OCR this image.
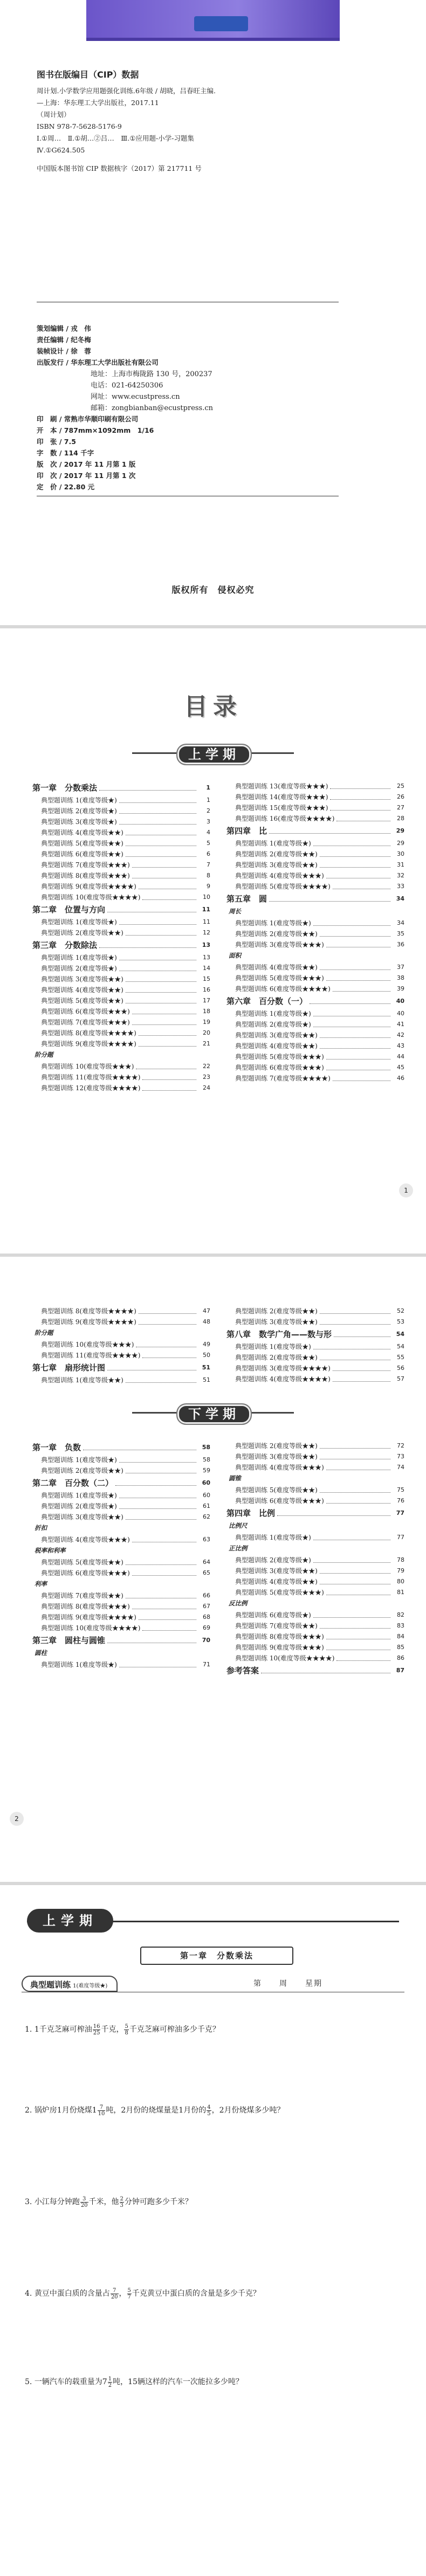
图书在版编目（CIP）数据
周计划.小学数学应用题强化训练.6年级 / 胡晓，吕春旺主编.
—上海：华东理工大学出版社，2017.11
（周计划）
ISBN 978-7-5628-5176-9
Ⅰ.①周…　Ⅱ.①胡…②吕…　Ⅲ.①应用题-小学-习题集
Ⅳ.①G624.505
中国版本图书馆 CIP 数据核字（2017）第 217711 号
策划编辑 / 戎　伟
责任编辑 / 纪冬梅
装帧设计 / 徐　蓉
出版发行 / 华东理工大学出版社有限公司
地址：上海市梅陇路 130 号，200237
电话：021-64250306
网址：www.ecustpress.cn
邮箱：zongbianban@ecustpress.cn
印　刷 / 常熟市华顺印刷有限公司
开　本 / 787mm×1092mm　1/16
印　张 / 7.5
字　数 / 114 千字
版　次 / 2017 年 11 月第 1 版
印　次 / 2017 年 11 月第 1 次
定　价 / 22.80 元
版权所有　侵权必究
目录
上学期
第一章　分数乘法	1
典型题训练 1(难度等级★)	1
典型题训练 2(难度等级★)	2
典型题训练 3(难度等级★)	3
典型题训练 4(难度等级★★)	4
典型题训练 5(难度等级★★)	5
典型题训练 6(难度等级★★)	6
典型题训练 7(难度等级★★★)	7
典型题训练 8(难度等级★★★)	8
典型题训练 9(难度等级★★★★)	9
典型题训练 10(难度等级★★★★)	10
第二章　位置与方向	11
典型题训练 1(难度等级★)	11
典型题训练 2(难度等级★★)	12
第三章　分数除法	13
典型题训练 1(难度等级★)	13
典型题训练 2(难度等级★)	14
典型题训练 3(难度等级★★)	15
典型题训练 4(难度等级★★)	16
典型题训练 5(难度等级★★)	17
典型题训练 6(难度等级★★★)	18
典型题训练 7(难度等级★★★)	19
典型题训练 8(难度等级★★★★)	20
典型题训练 9(难度等级★★★★)	21
阶分题
典型题训练 10(难度等级★★★)	22
典型题训练 11(难度等级★★★★)	23
典型题训练 12(难度等级★★★★)	24
典型题训练 13(难度等级★★★)	25
典型题训练 14(难度等级★★★)	26
典型题训练 15(难度等级★★★)	27
典型题训练 16(难度等级★★★★)	28
第四章　比	29
典型题训练 1(难度等级★)	29
典型题训练 2(难度等级★★)	30
典型题训练 3(难度等级★★)	31
典型题训练 4(难度等级★★★)	32
典型题训练 5(难度等级★★★★)	33
第五章　圆	34
周长
典型题训练 1(难度等级★)	34
典型题训练 2(难度等级★★)	35
典型题训练 3(难度等级★★★)	36
面积
典型题训练 4(难度等级★★)	37
典型题训练 5(难度等级★★★)	38
典型题训练 6(难度等级★★★★)	39
第六章　百分数（一）	40
典型题训练 1(难度等级★)	40
典型题训练 2(难度等级★)	41
典型题训练 3(难度等级★★)	42
典型题训练 4(难度等级★★)	43
典型题训练 5(难度等级★★★)	44
典型题训练 6(难度等级★★★)	45
典型题训练 7(难度等级★★★★)	46
1
典型题训练 8(难度等级★★★★)	47
典型题训练 9(难度等级★★★★)	48
阶分题
典型题训练 10(难度等级★★★)	49
典型题训练 11(难度等级★★★★)	50
第七章　扇形统计图	51
典型题训练 1(难度等级★★)	51
典型题训练 2(难度等级★★)	52
典型题训练 3(难度等级★★)	53
第八章　数学广角——数与形	54
典型题训练 1(难度等级★)	54
典型题训练 2(难度等级★★)	55
典型题训练 3(难度等级★★★★)	56
典型题训练 4(难度等级★★★★)	57
下学期
第一章　负数	58
典型题训练 1(难度等级★)	58
典型题训练 2(难度等级★★)	59
第二章　百分数（二）	60
典型题训练 1(难度等级★)	60
典型题训练 2(难度等级★)	61
典型题训练 3(难度等级★★)	62
折扣
典型题训练 4(难度等级★★★)	63
税率和利率
典型题训练 5(难度等级★★)	64
典型题训练 6(难度等级★★★)	65
利率
典型题训练 7(难度等级★★)	66
典型题训练 8(难度等级★★★)	67
典型题训练 9(难度等级★★★★)	68
典型题训练 10(难度等级★★★★)	69
第三章　圆柱与圆锥	70
圆柱
典型题训练 1(难度等级★)	71
典型题训练 2(难度等级★★)	72
典型题训练 3(难度等级★★)	73
典型题训练 4(难度等级★★★)	74
圆锥
典型题训练 5(难度等级★★)	75
典型题训练 6(难度等级★★★)	76
第四章　比例	77
比例尺
典型题训练 1(难度等级★)	77
正比例
典型题训练 2(难度等级★)	78
典型题训练 3(难度等级★★)	79
典型题训练 4(难度等级★★)	80
典型题训练 5(难度等级★★★)	81
反比例
典型题训练 6(难度等级★)	82
典型题训练 7(难度等级★★)	83
典型题训练 8(难度等级★★★)	84
典型题训练 9(难度等级★★★)	85
典型题训练 10(难度等级★★★★)	86
参考答案	87
2
上学期
第一章　分数乘法
典型题训练 1(难度等级★)	第　　周　　星期
1. 1千克芝麻可榨油 $\frac{16}{25}$ 千克， $\frac{5}{8}$ 千克芝麻可榨油多少千克？
2. 锅炉房1月份烧煤$1 \frac{7}{10}$ 吨，2月份的烧煤量是1月份的 $\frac{4}{5}$ ，2月份烧煤多少吨？
3. 小江每分钟跑 $\frac{3}{20}$ 千米，他 $\frac{2}{3}$ 分钟可跑多少千米？
4. 黄豆中蛋白质的含量占 $\frac{7}{20}$ ， $\frac{5}{7}$ 千克黄豆中蛋白质的含量是多少千克？
5. 一辆汽车的载重量为$7 \frac{1}{2}$ 吨，15辆这样的汽车一次能拉多少吨？
